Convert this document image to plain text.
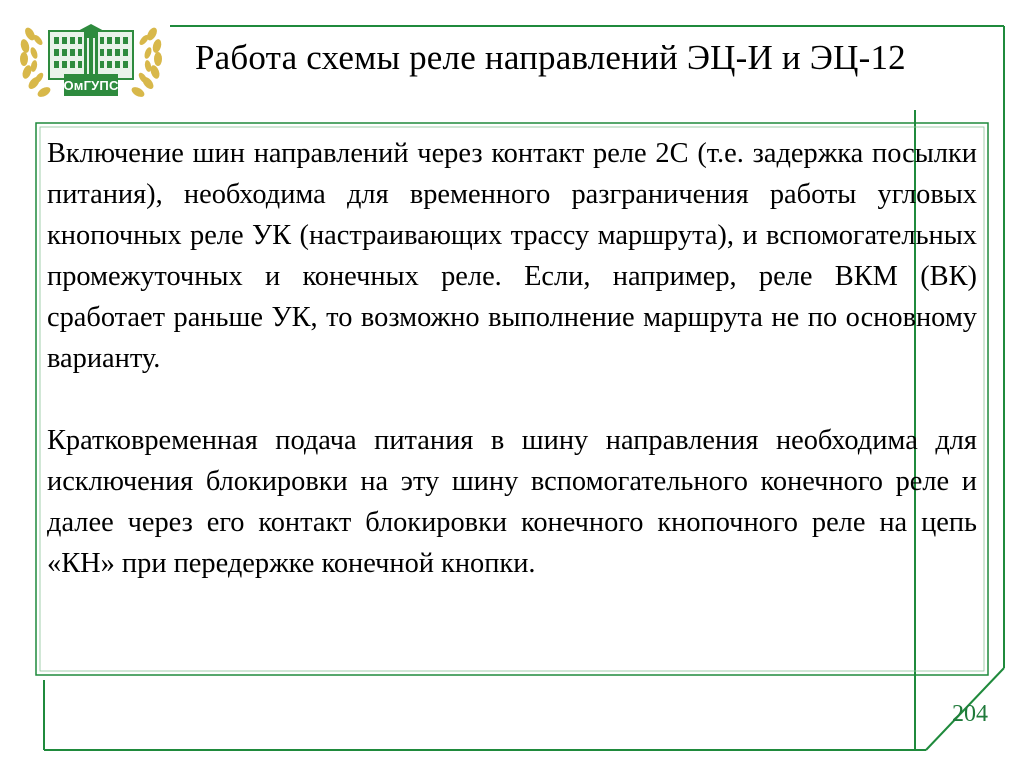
ОмГУПС
Работа схемы реле направлений ЭЦ-И и ЭЦ-12

Включение шин направлений через контакт реле 2С (т.е. задержка посылки питания), необходима для временного разграничения работы угловых кнопочных реле УК (настраивающих трассу маршрута), и вспомогательных промежуточных и конечных реле. Если, например, реле ВКМ (ВК) сработает раньше УК, то возможно выполнение маршрута не по основному варианту.

Кратковременная подача питания в шину направления необходима для исключения блокировки на эту шину вспомогательного конечного реле и далее через его контакт блокировки конечного кнопочного реле на цепь «КН» при передержке конечной кнопки.

204
